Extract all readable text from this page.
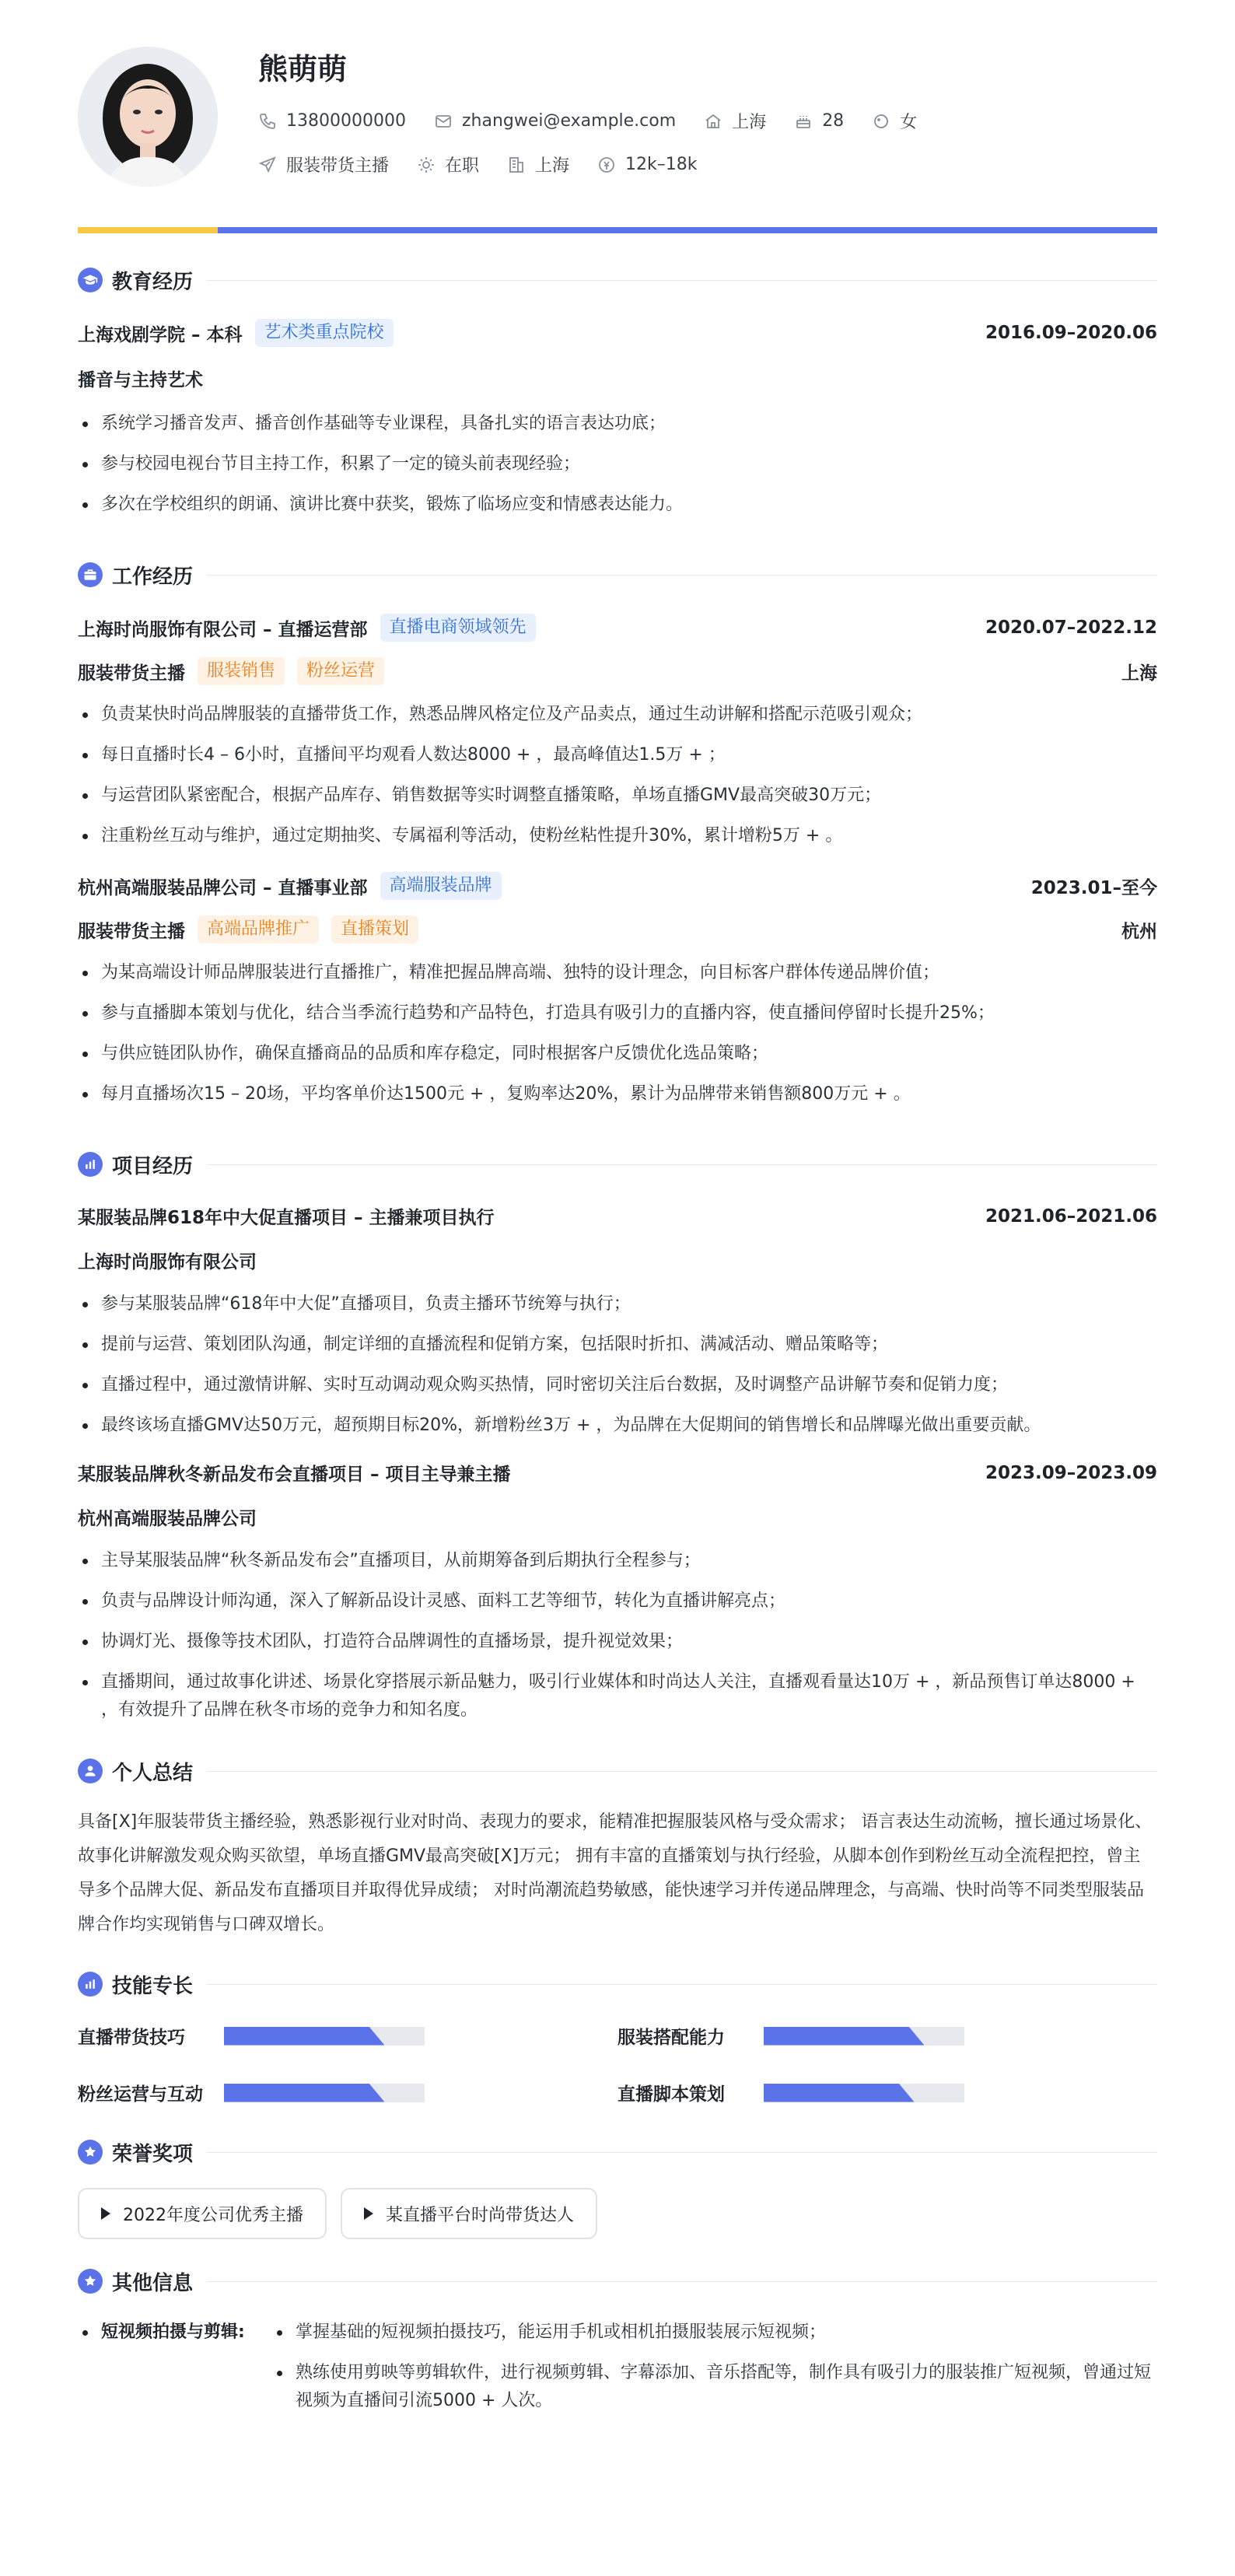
熊萌萌
13800000000	zhangwei@example.com	上海	28	女
服装带货主播	在职	上海	12k–18k
教育经历
上海戏剧学院 – 本科	艺术类重点院校	2016.09–2020.06
播音与主持艺术
系统学习播音发声、播音创作基础等专业课程，具备扎实的语言表达功底；
参与校园电视台节目主持工作，积累了一定的镜头前表现经验；
多次在学校组织的朗诵、演讲比赛中获奖，锻炼了临场应变和情感表达能力。
工作经历
上海时尚服饰有限公司 – 直播运营部	直播电商领域领先	2020.07–2022.12
服装带货主播	服装销售	粉丝运营	上海
负责某快时尚品牌服装的直播带货工作，熟悉品牌风格定位及产品卖点，通过生动讲解和搭配示范吸引观众；
每日直播时长4 – 6小时，直播间平均观看人数达8000 + ，最高峰值达1.5万 + ；
与运营团队紧密配合，根据产品库存、销售数据等实时调整直播策略，单场直播GMV最高突破30万元；
注重粉丝互动与维护，通过定期抽奖、专属福利等活动，使粉丝粘性提升30%，累计增粉5万 + 。
杭州高端服装品牌公司 – 直播事业部	高端服装品牌	2023.01–至今
服装带货主播	高端品牌推广	直播策划	杭州
为某高端设计师品牌服装进行直播推广，精准把握品牌高端、独特的设计理念，向目标客户群体传递品牌价值；
参与直播脚本策划与优化，结合当季流行趋势和产品特色，打造具有吸引力的直播内容，使直播间停留时长提升25%；
与供应链团队协作，确保直播商品的品质和库存稳定，同时根据客户反馈优化选品策略；
每月直播场次15 – 20场，平均客单价达1500元 + ，复购率达20%，累计为品牌带来销售额800万元 + 。
项目经历
某服装品牌618年中大促直播项目 – 主播兼项目执行	2021.06–2021.06
上海时尚服饰有限公司
参与某服装品牌“618年中大促”直播项目，负责主播环节统筹与执行；
提前与运营、策划团队沟通，制定详细的直播流程和促销方案，包括限时折扣、满减活动、赠品策略等；
直播过程中，通过激情讲解、实时互动调动观众购买热情，同时密切关注后台数据，及时调整产品讲解节奏和促销力度；
最终该场直播GMV达50万元，超预期目标20%，新增粉丝3万 + ，为品牌在大促期间的销售增长和品牌曝光做出重要贡献。
某服装品牌秋冬新品发布会直播项目 – 项目主导兼主播	2023.09–2023.09
杭州高端服装品牌公司
主导某服装品牌“秋冬新品发布会”直播项目，从前期筹备到后期执行全程参与；
负责与品牌设计师沟通，深入了解新品设计灵感、面料工艺等细节，转化为直播讲解亮点；
协调灯光、摄像等技术团队，打造符合品牌调性的直播场景，提升视觉效果；
直播期间，通过故事化讲述、场景化穿搭展示新品魅力，吸引行业媒体和时尚达人关注，直播观看量达10万 + ，新品预售订单达8000 + ，有效提升了品牌在秋冬市场的竞争力和知名度。
个人总结
具备[X]年服装带货主播经验，熟悉影视行业对时尚、表现力的要求，能精准把握服装风格与受众需求； 语言表达生动流畅，擅长通过场景化、故事化讲解激发观众购买欲望，单场直播GMV最高突破[X]万元； 拥有丰富的直播策划与执行经验，从脚本创作到粉丝互动全流程把控，曾主导多个品牌大促、新品发布直播项目并取得优异成绩； 对时尚潮流趋势敏感，能快速学习并传递品牌理念，与高端、快时尚等不同类型服装品牌合作均实现销售与口碑双增长。
技能专长
直播带货技巧	服装搭配能力
粉丝运营与互动	直播脚本策划
荣誉奖项
2022年度公司优秀主播	某直播平台时尚带货达人
其他信息
短视频拍摄与剪辑:	掌握基础的短视频拍摄技巧，能运用手机或相机拍摄服装展示短视频；
熟练使用剪映等剪辑软件，进行视频剪辑、字幕添加、音乐搭配等，制作具有吸引力的服装推广短视频，曾通过短视频为直播间引流5000 + 人次。
